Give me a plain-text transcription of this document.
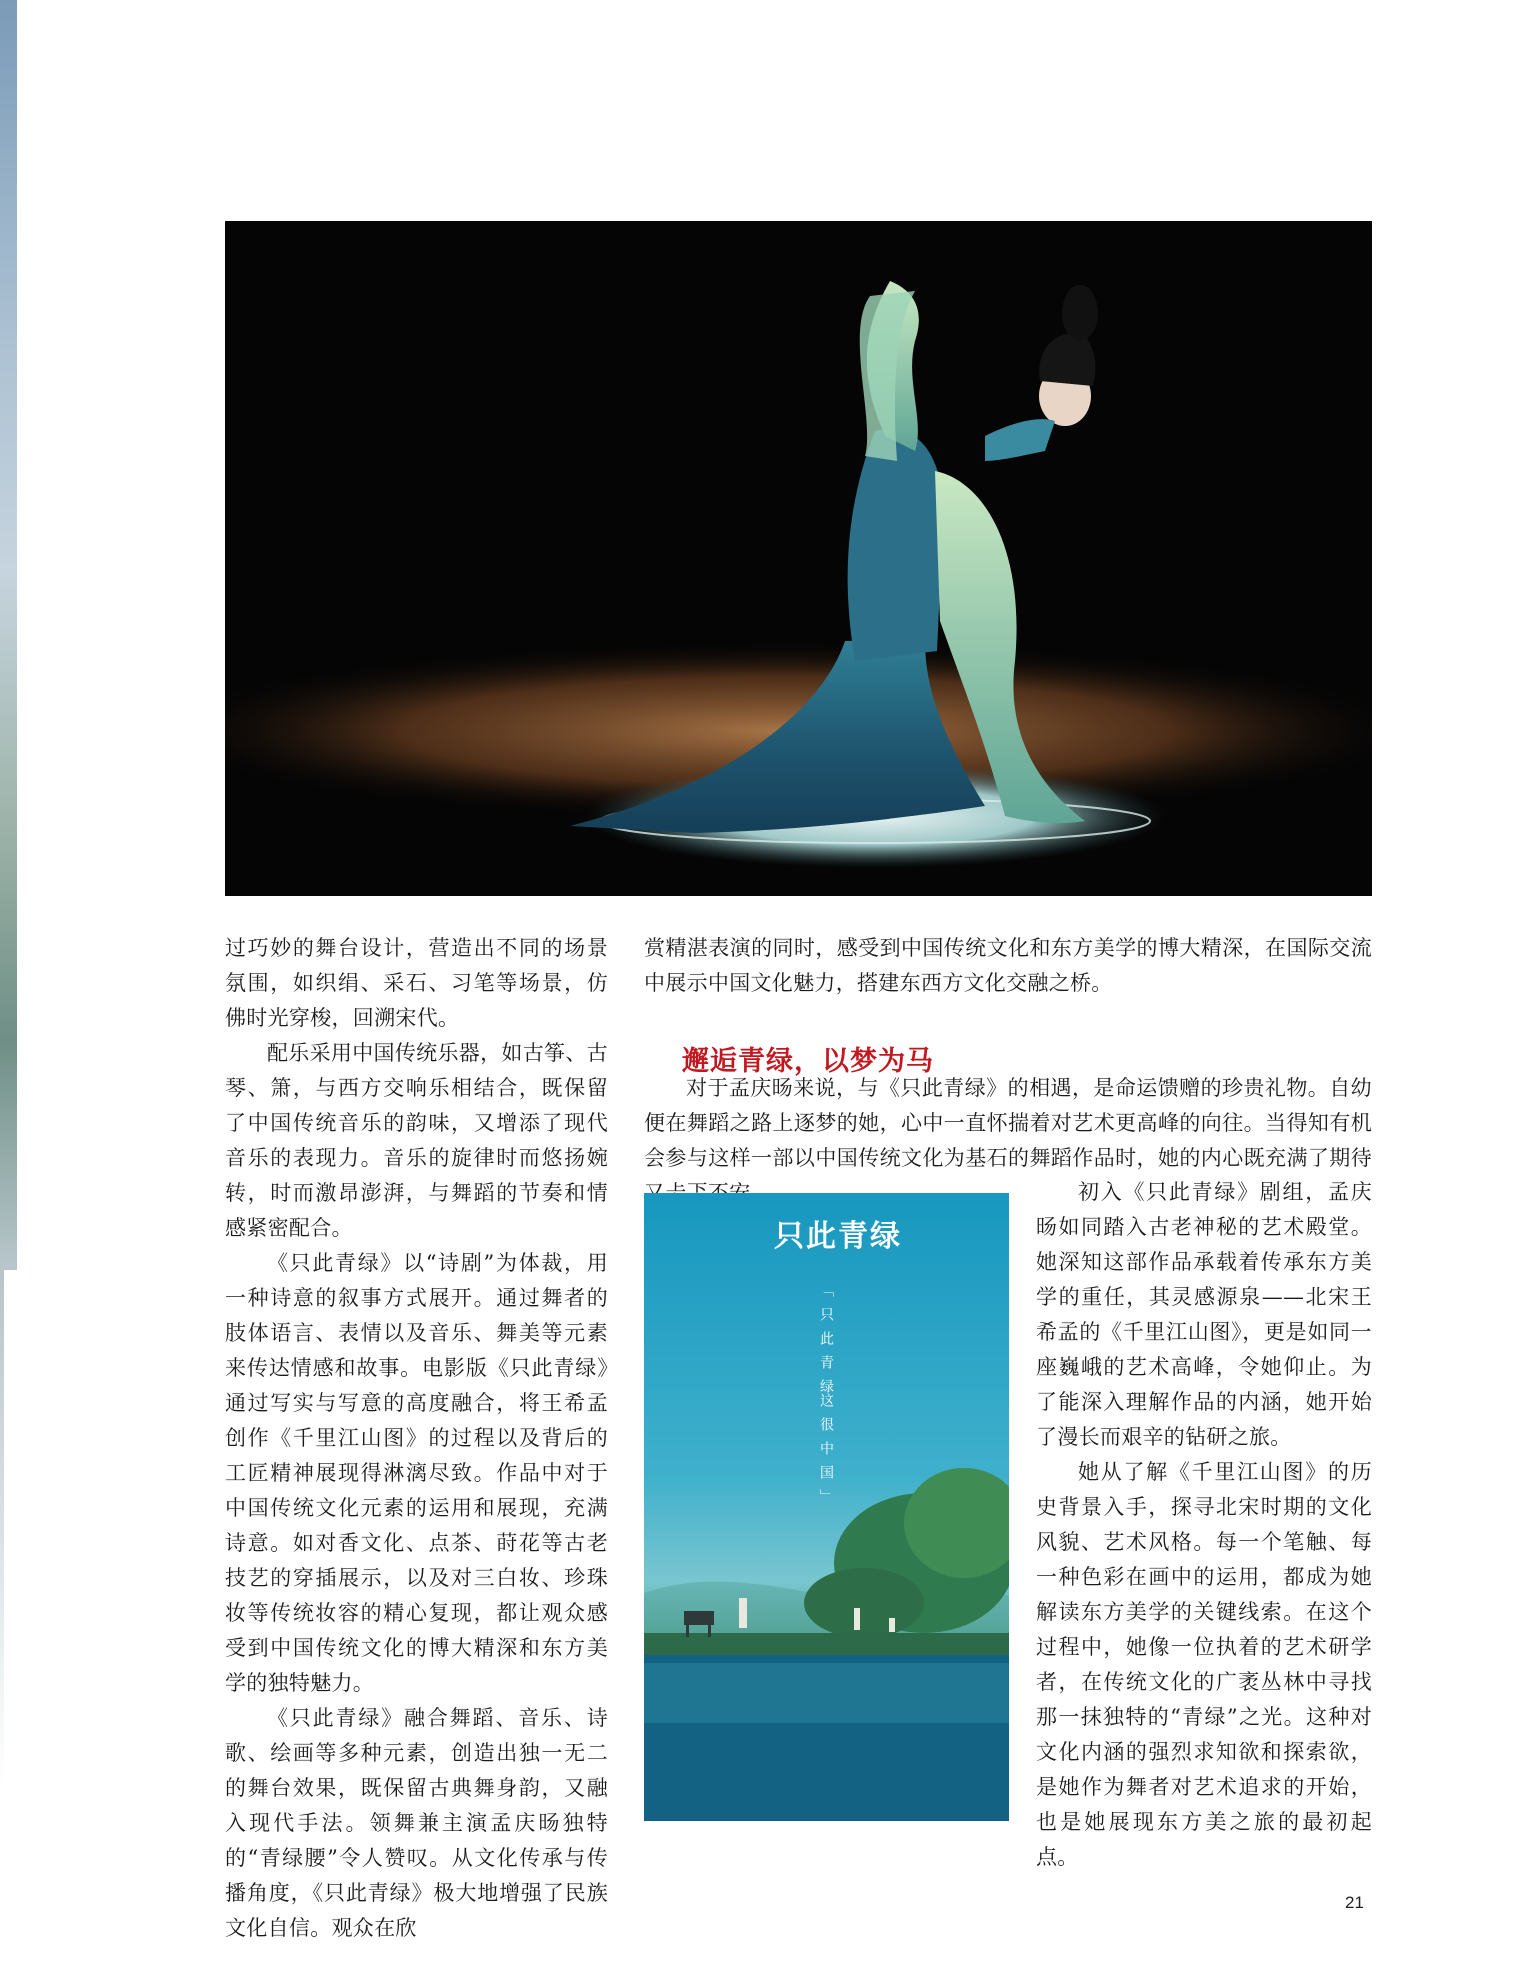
过巧妙的舞台设计，营造出不同的场景氛围，如织绢、采石、习笔等场景，仿佛时光穿梭，回溯宋代。

配乐采用中国传统乐器，如古筝、古琴、箫，与西方交响乐相结合，既保留了中国传统音乐的韵味，又增添了现代音乐的表现力。音乐的旋律时而悠扬婉转，时而激昂澎湃，与舞蹈的节奏和情感紧密配合。

《只此青绿》以“诗剧”为体裁，用一种诗意的叙事方式展开。通过舞者的肢体语言、表情以及音乐、舞美等元素来传达情感和故事。电影版《只此青绿》通过写实与写意的高度融合，将王希孟创作《千里江山图》的过程以及背后的工匠精神展现得淋漓尽致。作品中对于中国传统文化元素的运用和展现，充满诗意。如对香文化、点茶、莳花等古老技艺的穿插展示，以及对三白妆、珍珠妆等传统妆容的精心复现，都让观众感受到中国传统文化的博大精深和东方美学的独特魅力。

《只此青绿》融合舞蹈、音乐、诗歌、绘画等多种元素，创造出独一无二的舞台效果，既保留古典舞身韵，又融入现代手法。领舞兼主演孟庆旸独特的“青绿腰”令人赞叹。从文化传承与传播角度，《只此青绿》极大地增强了民族文化自信。观众在欣

赏精湛表演的同时，感受到中国传统文化和东方美学的博大精深，在国际交流中展示中国文化魅力，搭建东西方文化交融之桥。

邂逅青绿，以梦为马

对于孟庆旸来说，与《只此青绿》的相遇，是命运馈赠的珍贵礼物。自幼便在舞蹈之路上逐梦的她，心中一直怀揣着对艺术更高峰的向往。当得知有机会参与这样一部以中国传统文化为基石的舞蹈作品时，她的内心既充满了期待

只此青绿
「只此青绿
这很中国」

初入《只此青绿》剧组，孟庆旸如同踏入古老神秘的艺术殿堂。她深知这部作品承载着传承东方美学的重任，其灵感源泉——北宋王希孟的《千里江山图》，更是如同一座巍峨的艺术高峰，令她仰止。为了能深入理解作品的内涵，她开始了漫长而艰辛的钻研之旅。

她从了解《千里江山图》的历史背景入手，探寻北宋时期的文化风貌、艺术风格。每一个笔触、每一种色彩在画中的运用，都成为她解读东方美学的关键线索。在这个过程中，她像一位执着的艺术研学者，在传统文化的广袤丛林中寻找那一抹独特的“青绿”之光。这种对文化内涵的强烈求知欲和探索欲，是她作为舞者对艺术追求的开始，也是她展现东方美之旅的最初起点。

21
